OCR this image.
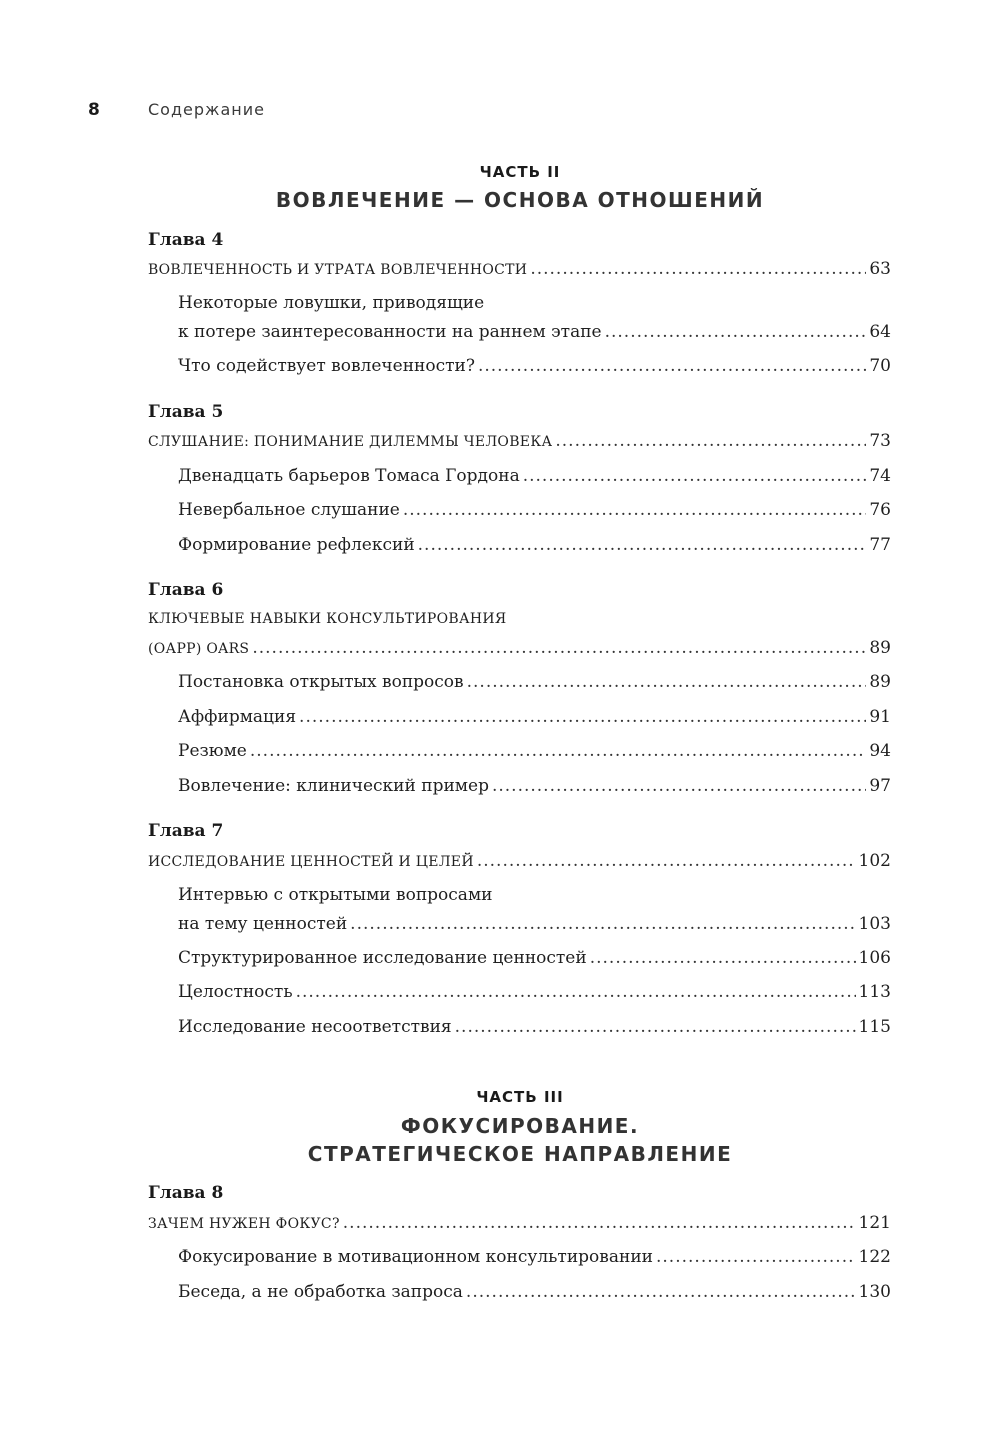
8	Содержание
ЧАСТЬ II
ВОВЛЕЧЕНИЕ — ОСНОВА ОТНОШЕНИЙ
Глава 4
ВОВЛЕЧЕННОСТЬ И УТРАТА ВОВЛЕЧЕННОСТИ .....	63
Некоторые ловушки, приводящие
к потере заинтересованности на раннем этапе .....	64
Что содействует вовлеченности? .....	70
Глава 5
СЛУШАНИЕ: ПОНИМАНИЕ ДИЛЕММЫ ЧЕЛОВЕКА .....	73
Двенадцать барьеров Томаса Гордона .....	74
Невербальное слушание .....	76
Формирование рефлексий .....	77
Глава 6
КЛЮЧЕВЫЕ НАВЫКИ КОНСУЛЬТИРОВАНИЯ
(ОАРР) OARS .....	89
Постановка открытых вопросов .....	89
Аффирмация .....	91
Резюме .....	94
Вовлечение: клинический пример .....	97
Глава 7
ИССЛЕДОВАНИЕ ЦЕННОСТЕЙ И ЦЕЛЕЙ .....	102
Интервью с открытыми вопросами
на тему ценностей .....	103
Структурированное исследование ценностей .....	106
Целостность .....	113
Исследование несоответствия .....	115
ЧАСТЬ III
ФОКУСИРОВАНИЕ.
СТРАТЕГИЧЕСКОЕ НАПРАВЛЕНИЕ
Глава 8
ЗАЧЕМ НУЖЕН ФОКУС? .....	121
Фокусирование в мотивационном консультировании .....	122
Беседа, а не обработка запроса .....	130
